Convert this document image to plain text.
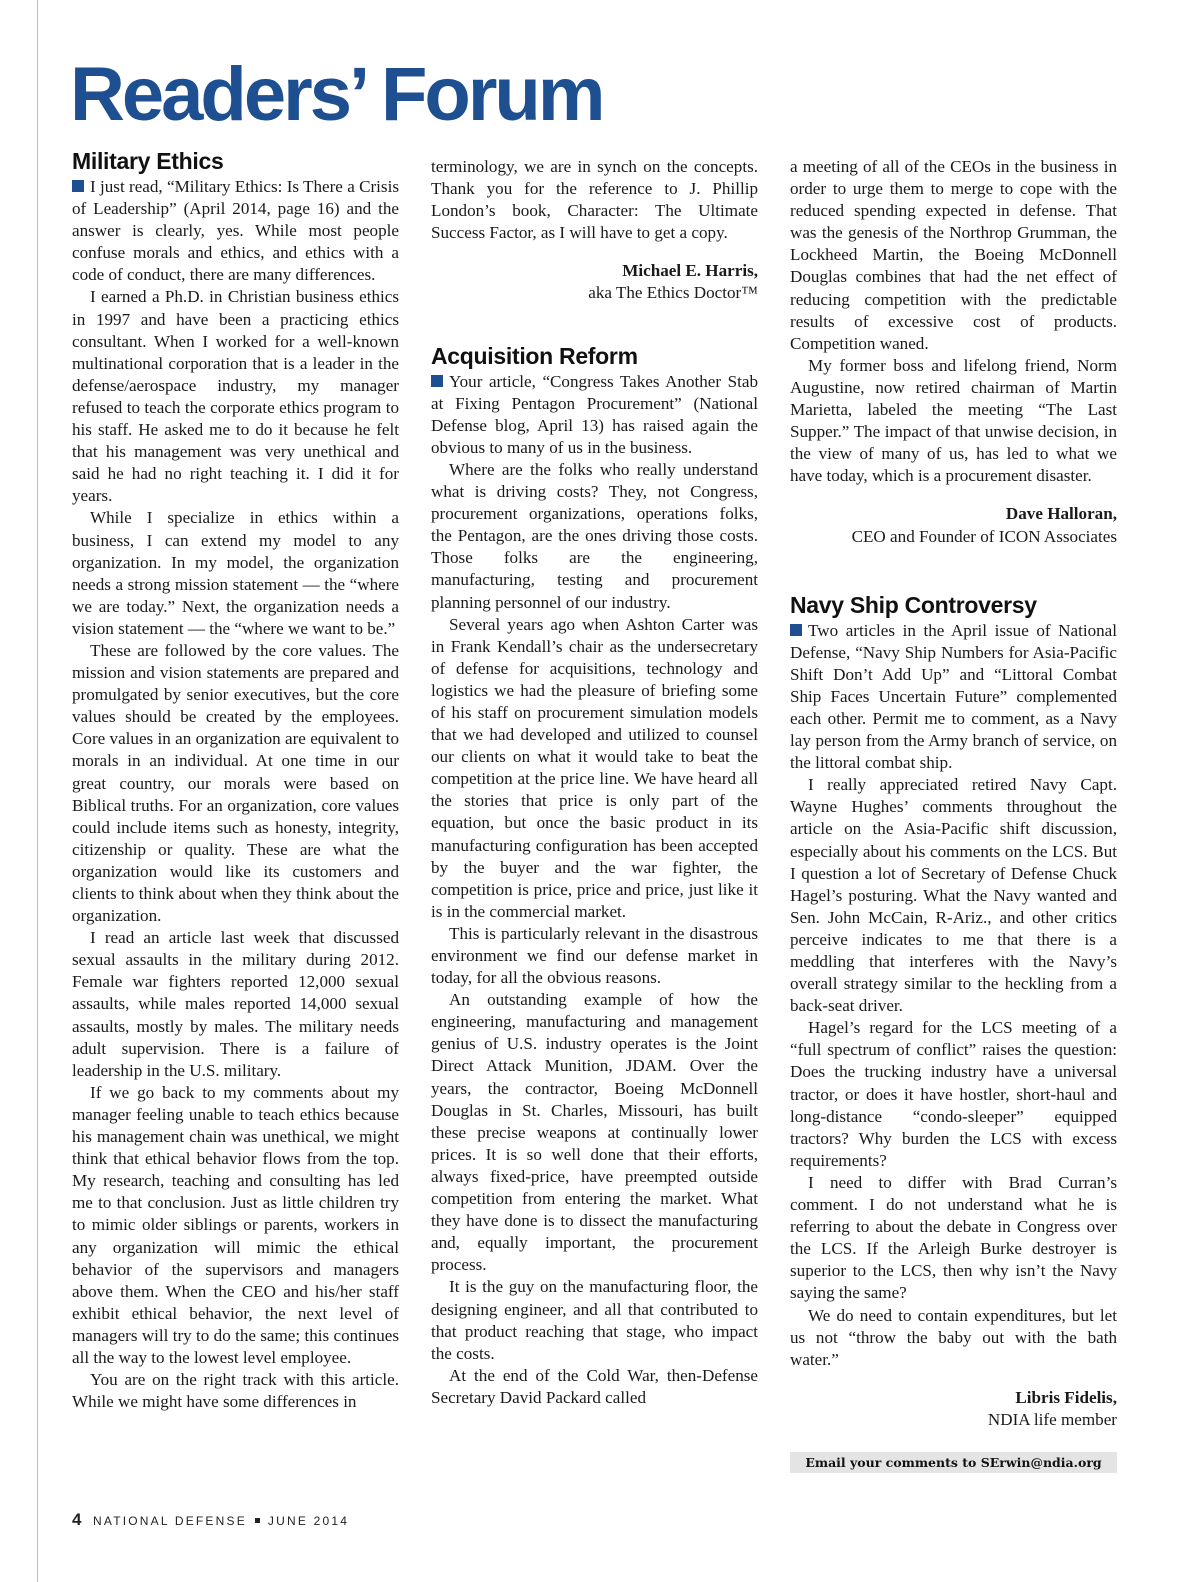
Readers’ Forum
Military Ethics

I just read, “Military Ethics: Is There a Crisis of Leadership” (April 2014, page 16) and the answer is clearly, yes. While most people confuse morals and ethics, and ethics with a code of conduct, there are many differences.

I earned a Ph.D. in Christian business ethics in 1997 and have been a practicing ethics consultant. When I worked for a well-known multinational corporation that is a leader in the defense/aerospace industry, my manager refused to teach the corporate ethics program to his staff. He asked me to do it because he felt that his management was very unethical and said he had no right teaching it. I did it for years.

While I specialize in ethics within a business, I can extend my model to any organization. In my model, the organization needs a strong mission statement — the “where we are today.” Next, the organization needs a vision statement — the “where we want to be.”

These are followed by the core values. The mission and vision statements are prepared and promulgated by senior executives, but the core values should be created by the employees. Core values in an organization are equivalent to morals in an individual. At one time in our great country, our morals were based on Biblical truths. For an organization, core values could include items such as honesty, integrity, citizenship or quality. These are what the organization would like its customers and clients to think about when they think about the organization.

I read an article last week that discussed sexual assaults in the military during 2012. Female war fighters reported 12,000 sexual assaults, while males reported 14,000 sexual assaults, mostly by males. The military needs adult supervision. There is a failure of leadership in the U.S. military.

If we go back to my comments about my manager feeling unable to teach ethics because his management chain was unethical, we might think that ethical behavior flows from the top. My research, teaching and consulting has led me to that conclusion. Just as little children try to mimic older siblings or parents, workers in any organization will mimic the ethical behavior of the supervisors and managers above them. When the CEO and his/her staff exhibit ethical behavior, the next level of managers will try to do the same; this continues all the way to the lowest level employee.

You are on the right track with this article. While we might have some differences in

terminology, we are in synch on the concepts. Thank you for the reference to J. Phillip London’s book, Character: The Ultimate Success Factor, as I will have to get a copy.

Michael E. Harris,
aka The Ethics Doctor™
Acquisition Reform

Your article, “Congress Takes Another Stab at Fixing Pentagon Procurement” (National Defense blog, April 13) has raised again the obvious to many of us in the business.

Where are the folks who really understand what is driving costs? They, not Congress, procurement organizations, operations folks, the Pentagon, are the ones driving those costs. Those folks are the engineering, manufacturing, testing and procurement planning personnel of our industry.

Several years ago when Ashton Carter was in Frank Kendall’s chair as the undersecretary of defense for acquisitions, technology and logistics we had the pleasure of briefing some of his staff on procurement simulation models that we had developed and utilized to counsel our clients on what it would take to beat the competition at the price line. We have heard all the stories that price is only part of the equation, but once the basic product in its manufacturing configuration has been accepted by the buyer and the war fighter, the competition is price, price and price, just like it is in the commercial market.

This is particularly relevant in the disastrous environment we find our defense market in today, for all the obvious reasons.

An outstanding example of how the engineering, manufacturing and management genius of U.S. industry operates is the Joint Direct Attack Munition, JDAM. Over the years, the contractor, Boeing McDonnell Douglas in St. Charles, Missouri, has built these precise weapons at continually lower prices. It is so well done that their efforts, always fixed-price, have preempted outside competition from entering the market. What they have done is to dissect the manufacturing and, equally important, the procurement process.

It is the guy on the manufacturing floor, the designing engineer, and all that contributed to that product reaching that stage, who impact the costs.

At the end of the Cold War, then-Defense Secretary David Packard called

a meeting of all of the CEOs in the business in order to urge them to merge to cope with the reduced spending expected in defense. That was the genesis of the Northrop Grumman, the Lockheed Martin, the Boeing McDonnell Douglas combines that had the net effect of reducing competition with the predictable results of excessive cost of products. Competition waned.

My former boss and lifelong friend, Norm Augustine, now retired chairman of Martin Marietta, labeled the meeting “The Last Supper.” The impact of that unwise decision, in the view of many of us, has led to what we have today, which is a procurement disaster.

Dave Halloran,
CEO and Founder of ICON Associates
Navy Ship Controversy

Two articles in the April issue of National Defense, “Navy Ship Numbers for Asia-Pacific Shift Don’t Add Up” and “Littoral Combat Ship Faces Uncertain Future” complemented each other. Permit me to comment, as a Navy lay person from the Army branch of service, on the littoral combat ship.

I really appreciated retired Navy Capt. Wayne Hughes’ comments throughout the article on the Asia-Pacific shift discussion, especially about his comments on the LCS. But I question a lot of Secretary of Defense Chuck Hagel’s posturing. What the Navy wanted and Sen. John McCain, R-Ariz., and other critics perceive indicates to me that there is a meddling that interferes with the Navy’s overall strategy similar to the heckling from a back-seat driver.

Hagel’s regard for the LCS meeting of a “full spectrum of conflict” raises the question: Does the trucking industry have a universal tractor, or does it have hostler, short-haul and long-distance “condo-sleeper” equipped tractors? Why burden the LCS with excess requirements?

I need to differ with Brad Curran’s comment. I do not understand what he is referring to about the debate in Congress over the LCS. If the Arleigh Burke destroyer is superior to the LCS, then why isn’t the Navy saying the same?

We do need to contain expenditures, but let us not “throw the baby out with the bath water.”

Libris Fidelis,
NDIA life member
Email your comments to SErwin@ndia.org
4 NATIONAL DEFENSE JUNE 2014
